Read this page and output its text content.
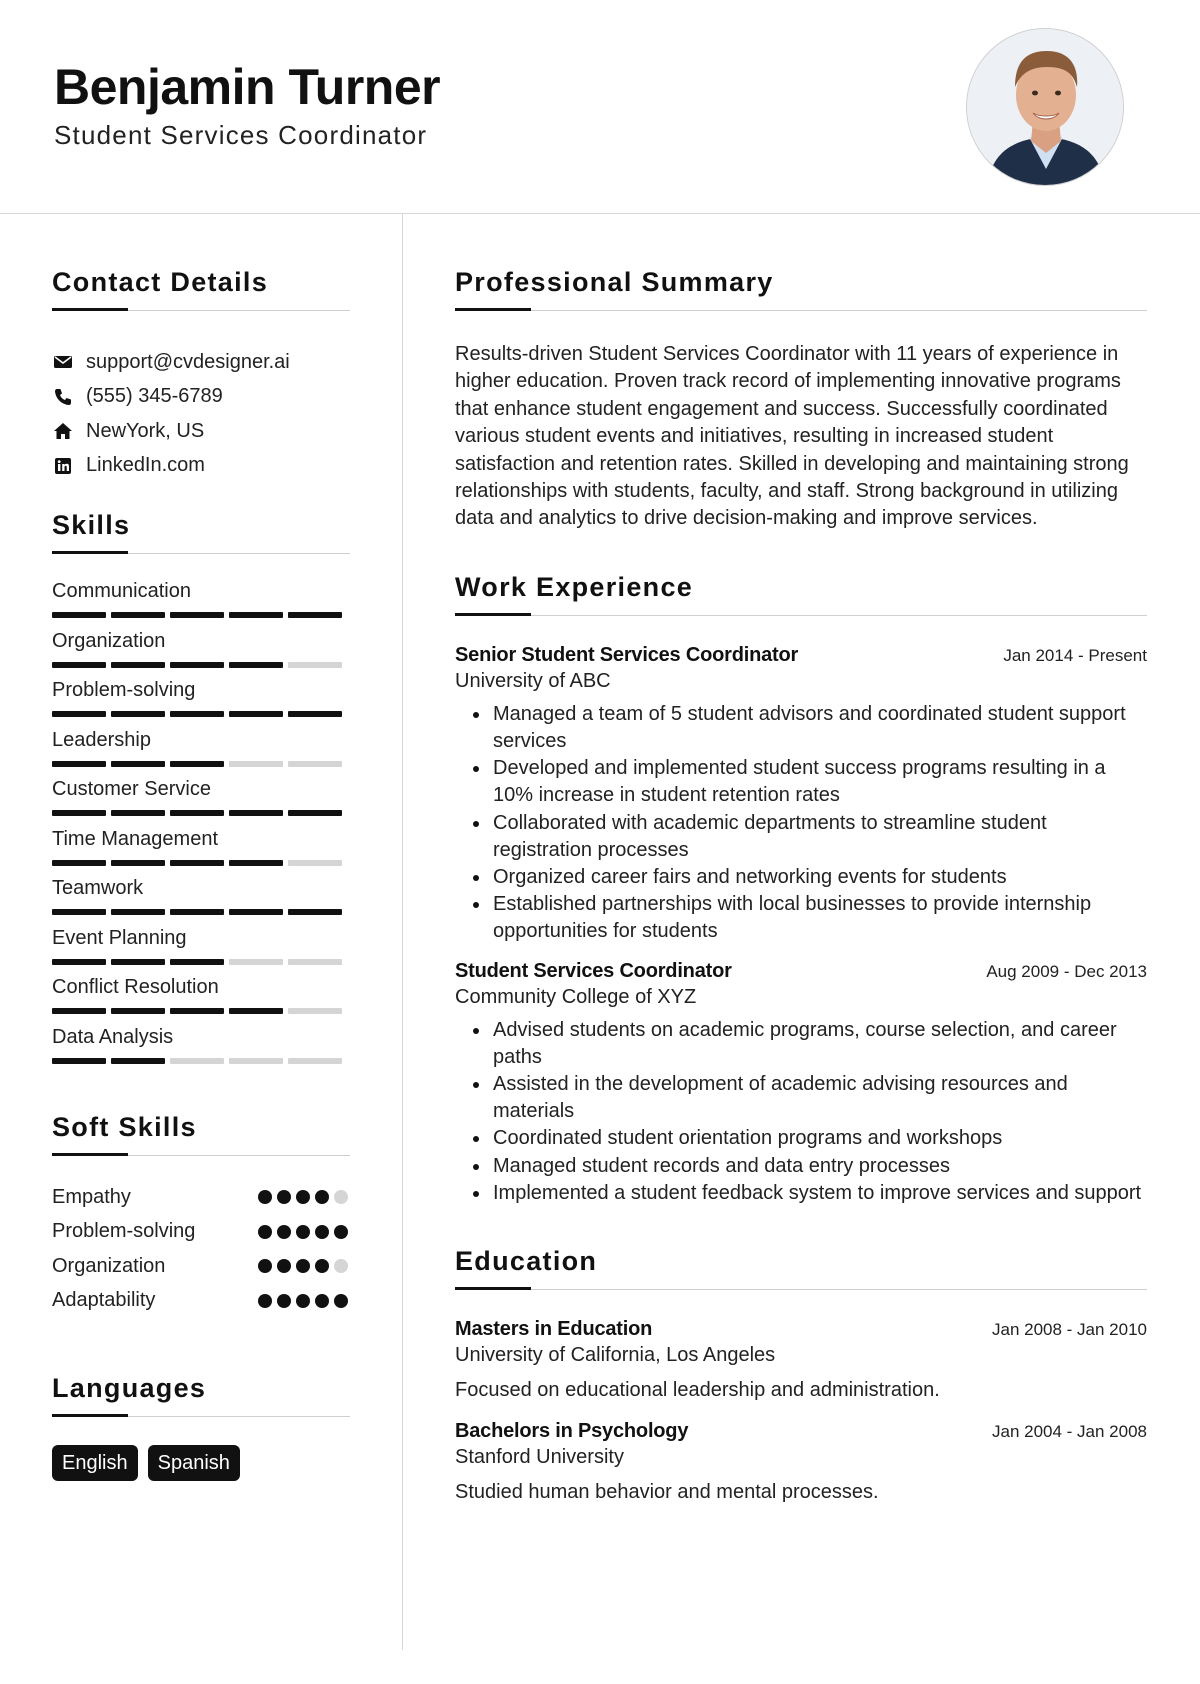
Benjamin Turner
Student Services Coordinator
Contact Details
support@cvdesigner.ai
(555) 345-6789
NewYork, US
LinkedIn.com
Skills
Communication
Organization
Problem-solving
Leadership
Customer Service
Time Management
Teamwork
Event Planning
Conflict Resolution
Data Analysis
Soft Skills
Empathy
Problem-solving
Organization
Adaptability
Languages
English	Spanish
Professional Summary
Results-driven Student Services Coordinator with 11 years of experience in higher education. Proven track record of implementing innovative programs that enhance student engagement and success. Successfully coordinated various student events and initiatives, resulting in increased student satisfaction and retention rates. Skilled in developing and maintaining strong relationships with students, faculty, and staff. Strong background in utilizing data and analytics to drive decision-making and improve services.
Work Experience
Senior Student Services Coordinator	Jan 2014 - Present
University of ABC
Managed a team of 5 student advisors and coordinated student support services
Developed and implemented student success programs resulting in a 10% increase in student retention rates
Collaborated with academic departments to streamline student registration processes
Organized career fairs and networking events for students
Established partnerships with local businesses to provide internship opportunities for students
Student Services Coordinator	Aug 2009 - Dec 2013
Community College of XYZ
Advised students on academic programs, course selection, and career paths
Assisted in the development of academic advising resources and materials
Coordinated student orientation programs and workshops
Managed student records and data entry processes
Implemented a student feedback system to improve services and support
Education
Masters in Education	Jan 2008 - Jan 2010
University of California, Los Angeles
Focused on educational leadership and administration.
Bachelors in Psychology	Jan 2004 - Jan 2008
Stanford University
Studied human behavior and mental processes.
